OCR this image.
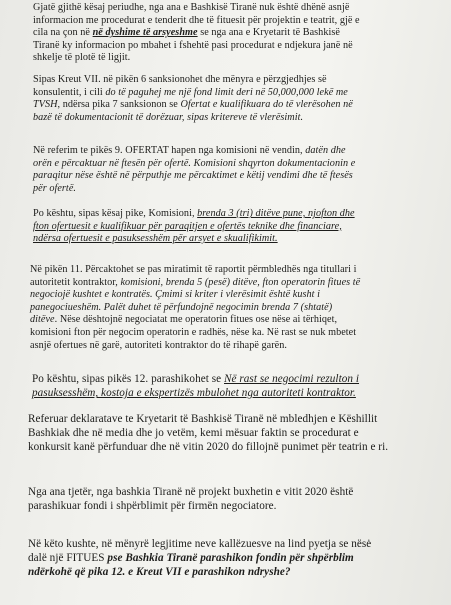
Gjatë gjithë kësaj periudhe, nga ana e Bashkisë Tiranë nuk është dhënë asnjë
informacion me procedurat e tenderit dhe të fituesit për projektin e teatrit, gjë e
cila na çon në në dyshime të arsyeshme se nga ana e Kryetarit të Bashkisë
Tiranë ky informacion po mbahet i fshehtë pasi procedurat e ndjekura janë në
shkelje të plotë të ligjit.

Sipas Kreut VII. në pikën 6 sanksionohet dhe mënyra e përzgjedhjes së
konsulentit, i cili do të paguhej me një fond limit deri në 50,000,000 lekë me
TVSH, ndërsa pika 7 sanksionon se Ofertat e kualifikuara do të vlerësohen në
bazë të dokumentacionit të dorëzuar, sipas kritereve të vlerësimit.

Në referim te pikës 9. OFERTAT hapen nga komisioni në vendin, datën dhe
orën e përcaktuar në ftesën për ofertë. Komisioni shqyrton dokumentacionin e
paraqitur nëse është në përputhje me përcaktimet e këtij vendimi dhe të ftesës
për ofertë.

Po kështu, sipas kësaj pike, Komisioni, brenda 3 (tri) ditëve pune, njofton dhe
fton ofertuesit e kualifikuar për paraqitjen e ofertës teknike dhe financiare,
ndërsa ofertuesit e pasuksesshëm për arsyet e skualifikimit.

Në pikën 11. Përcaktohet se pas miratimit të raportit përmbledhës nga titullari i
autoritetit kontraktor, komisioni, brenda 5 (pesë) ditëve, fton operatorin fitues të
negociojë kushtet e kontratës. Çmimi si kriter i vlerësimit është kusht i
panegociueshëm. Palët duhet të përfundojnë negocimin brenda 7 (shtatë)
ditëve. Nëse dështojnë negociatat me operatorin fitues ose nëse ai tërhiqet,
komisioni fton për negocim operatorin e radhës, nëse ka. Në rast se nuk mbetet
asnjë ofertues në garë, autoriteti kontraktor do të rihapë garën.

Po kështu, sipas pikës 12. parashikohet se Në rast se negocimi rezulton i
pasuksesshëm, kostoja e ekspertizës mbulohet nga autoriteti kontraktor.

Referuar deklaratave te Kryetarit të Bashkisë Tiranë në mbledhjen e Këshillit
Bashkiak dhe në media dhe jo vetëm, kemi mësuar faktin se procedurat e
konkursit kanë përfunduar dhe në vitin 2020 do fillojnë punimet për teatrin e ri.

Nga ana tjetër, nga bashkia Tiranë në projekt buxhetin e vitit 2020 është
parashikuar fondi i shpërblimit për firmën negociatore.

Në këto kushte, në mënyrë legjitime neve kallëzuesve na lind pyetja se nësė
dalë një FITUES pse Bashkia Tiranë parashikon fondin për shpërblim
ndërkohë që pika 12. e Kreut VII e parashikon ndryshe?
